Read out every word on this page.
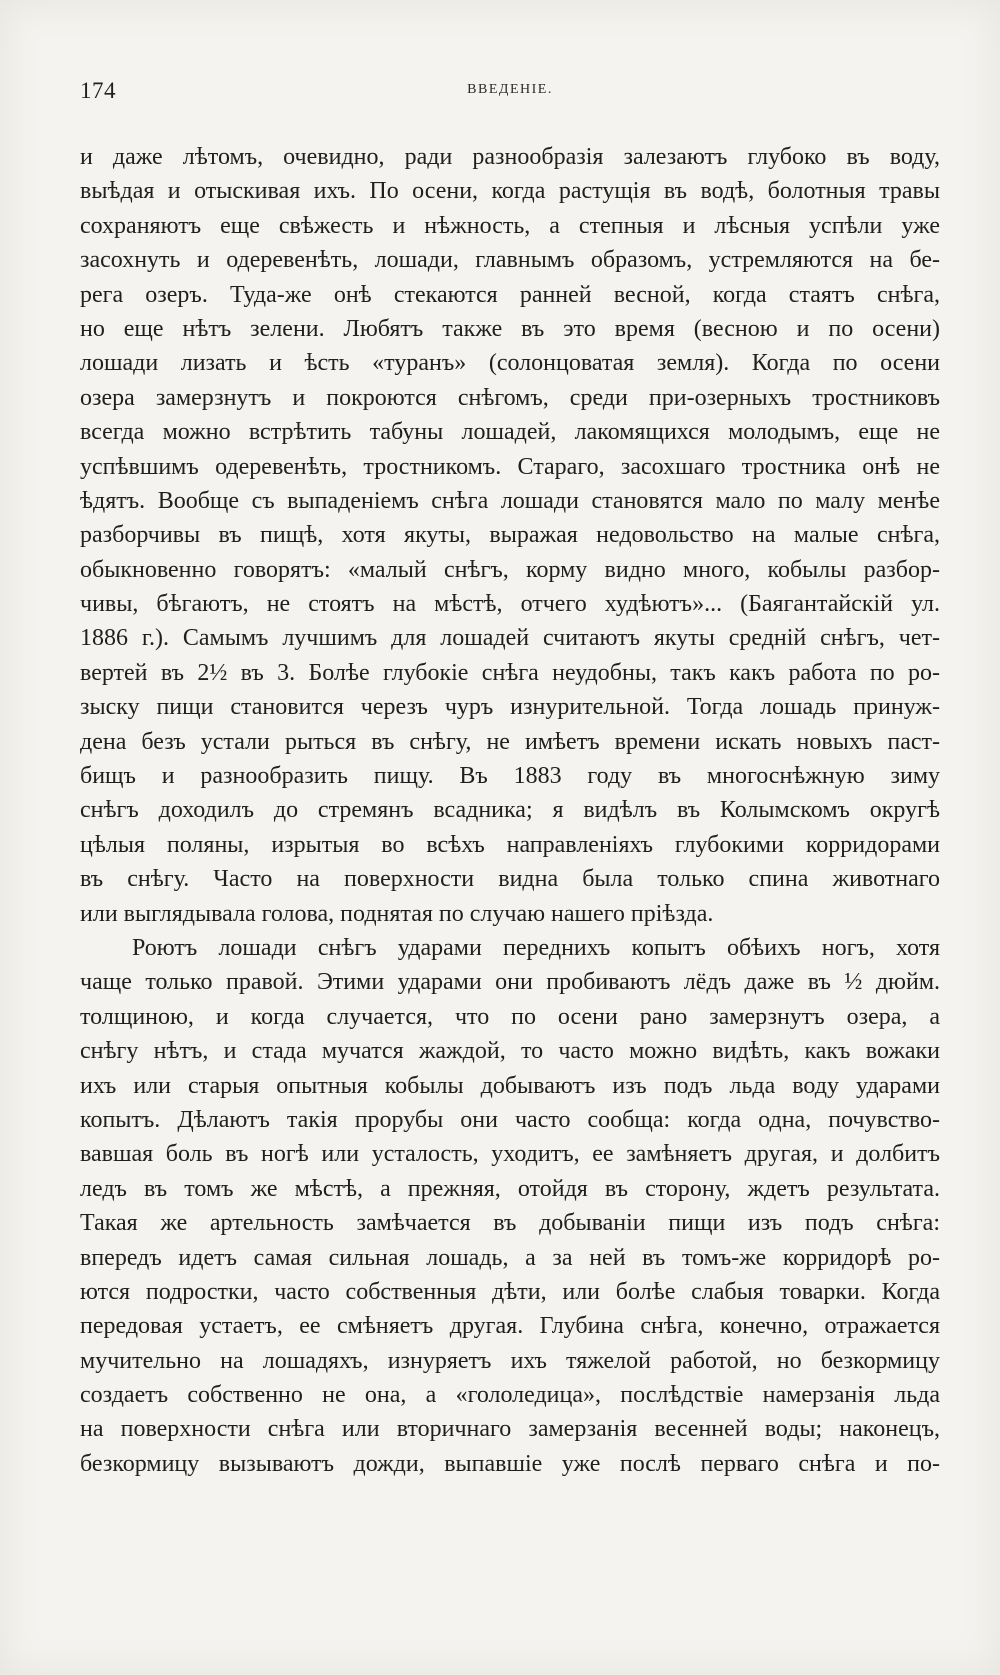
174	ВВЕДЕНІЕ.
и даже лѣтомъ, очевидно, ради разнообразія залезаютъ глубоко въ воду,
выѣдая и отыскивая ихъ. По осени, когда растущія въ водѣ, болотныя травы
сохраняютъ еще свѣжесть и нѣжность, а степныя и лѣсныя успѣли уже
засохнуть и одеревенѣть, лошади, главнымъ образомъ, устремляются на бе-
рега озеръ. Туда-же онѣ стекаются ранней весной, когда стаятъ снѣга,
но еще нѣтъ зелени. Любятъ также въ это время (весною и по осени)
лошади лизать и ѣсть «туранъ» (солонцоватая земля). Когда по осени
озера замерзнутъ и покроются снѣгомъ, среди при-озерныхъ тростниковъ
всегда можно встрѣтить табуны лошадей, лакомящихся молодымъ, еще не
успѣвшимъ одеревенѣть, тростникомъ. Стараго, засохшаго тростника онѣ не
ѣдятъ. Вообще съ выпаденіемъ снѣга лошади становятся мало по малу менѣе
разборчивы въ пищѣ, хотя якуты, выражая недовольство на малые снѣга,
обыкновенно говорятъ: «малый снѣгъ, корму видно много, кобылы разбор-
чивы, бѣгаютъ, не стоятъ на мѣстѣ, отчего худѣютъ»... (Баягантайскій ул.
1886 г.). Самымъ лучшимъ для лошадей считаютъ якуты средній снѣгъ, чет-
вертей въ 2½ въ 3. Болѣе глубокіе снѣга неудобны, такъ какъ работа по ро-
зыску пищи становится черезъ чуръ изнурительной. Тогда лошадь принуж-
дена безъ устали рыться въ снѣгу, не имѣетъ времени искать новыхъ паст-
бищъ и разнообразить пищу. Въ 1883 году въ многоснѣжную зиму
снѣгъ доходилъ до стремянъ всадника; я видѣлъ въ Колымскомъ округѣ
цѣлыя поляны, изрытыя во всѣхъ направленіяхъ глубокими корридорами
въ снѣгу. Часто на поверхности видна была только спина животнаго
или выглядывала голова, поднятая по случаю нашего пріѣзда.
Роютъ лошади снѣгъ ударами переднихъ копытъ обѣихъ ногъ, хотя
чаще только правой. Этими ударами они пробиваютъ лёдъ даже въ ½ дюйм.
толщиною, и когда случается, что по осени рано замерзнутъ озера, а
снѣгу нѣтъ, и стада мучатся жаждой, то часто можно видѣть, какъ вожаки
ихъ или старыя опытныя кобылы добываютъ изъ подъ льда воду ударами
копытъ. Дѣлаютъ такія прорубы они часто сообща: когда одна, почувство-
вавшая боль въ ногѣ или усталость, уходитъ, ее замѣняетъ другая, и долбитъ
ледъ въ томъ же мѣстѣ, а прежняя, отойдя въ сторону, ждетъ результата.
Такая же артельность замѣчается въ добываніи пищи изъ подъ снѣга:
впередъ идетъ самая сильная лошадь, а за ней въ томъ-же корридорѣ ро-
ются подростки, часто собственныя дѣти, или болѣе слабыя товарки. Когда
передовая устаетъ, ее смѣняетъ другая. Глубина снѣга, конечно, отражается
мучительно на лошадяхъ, изнуряетъ ихъ тяжелой работой, но безкормицу
создаетъ собственно не она, а «гололедица», послѣдствіе намерзанія льда
на поверхности снѣга или вторичнаго замерзанія весенней воды; наконецъ,
безкормицу вызываютъ дожди, выпавшіе уже послѣ перваго снѣга и по-
